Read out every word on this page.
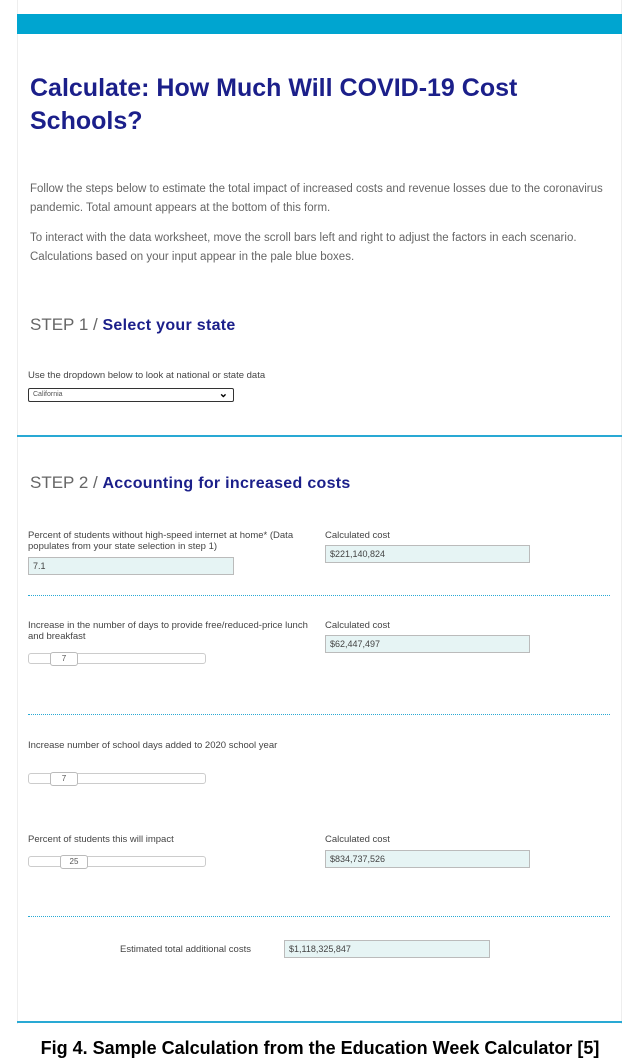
Calculate: How Much Will COVID-19 Cost Schools?
Follow the steps below to estimate the total impact of increased costs and revenue losses due to the coronavirus pandemic. Total amount appears at the bottom of this form.
To interact with the data worksheet, move the scroll bars left and right to adjust the factors in each scenario. Calculations based on your input appear in the pale blue boxes.
STEP 1 / Select your state
Use the dropdown below to look at national or state data
California	⌄
STEP 2 / Accounting for increased costs
Percent of students without high-speed internet at home* (Data populates from your state selection in step 1)
7.1
Calculated cost
$221,140,824
Increase in the number of days to provide free/reduced-price lunch and breakfast
7
Calculated cost
$62,447,497
Increase number of school days added to 2020 school year
7
Percent of students this will impact
25
Calculated cost
$834,737,526
Estimated total additional costs	$1,118,325,847
Fig 4. Sample Calculation from the Education Week Calculator [5]
